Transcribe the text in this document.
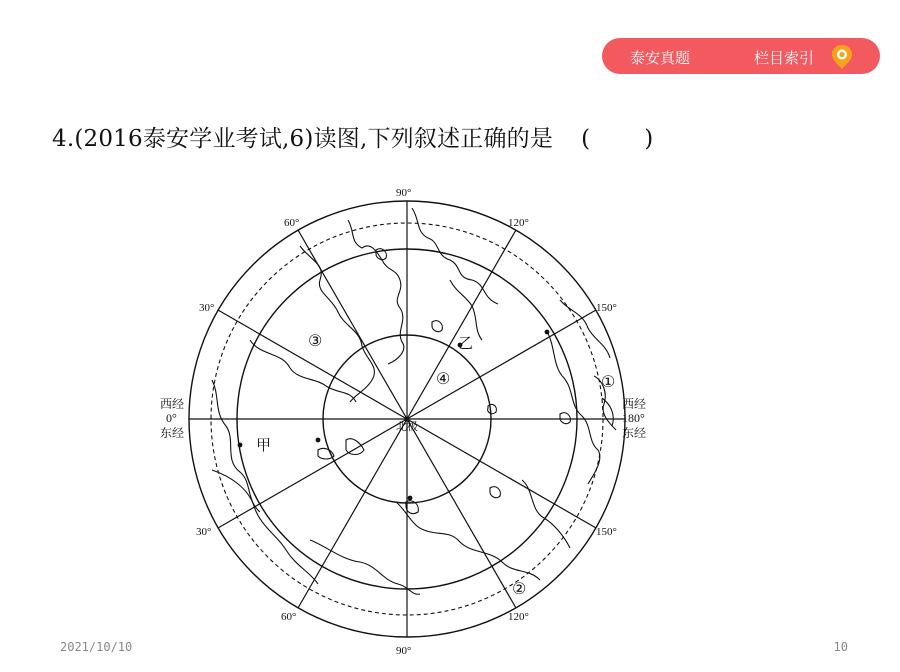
泰安真题	栏目索引
4.(2016泰安学业考试,6)读图,下列叙述正确的是 ( )
90°
90°
60°
60°
30°
30°
120°
120°
150°
150°
西经
0°
东经
西经
180°
东经
北极
甲
乙
①
②
③
④
2021/10/10	10
